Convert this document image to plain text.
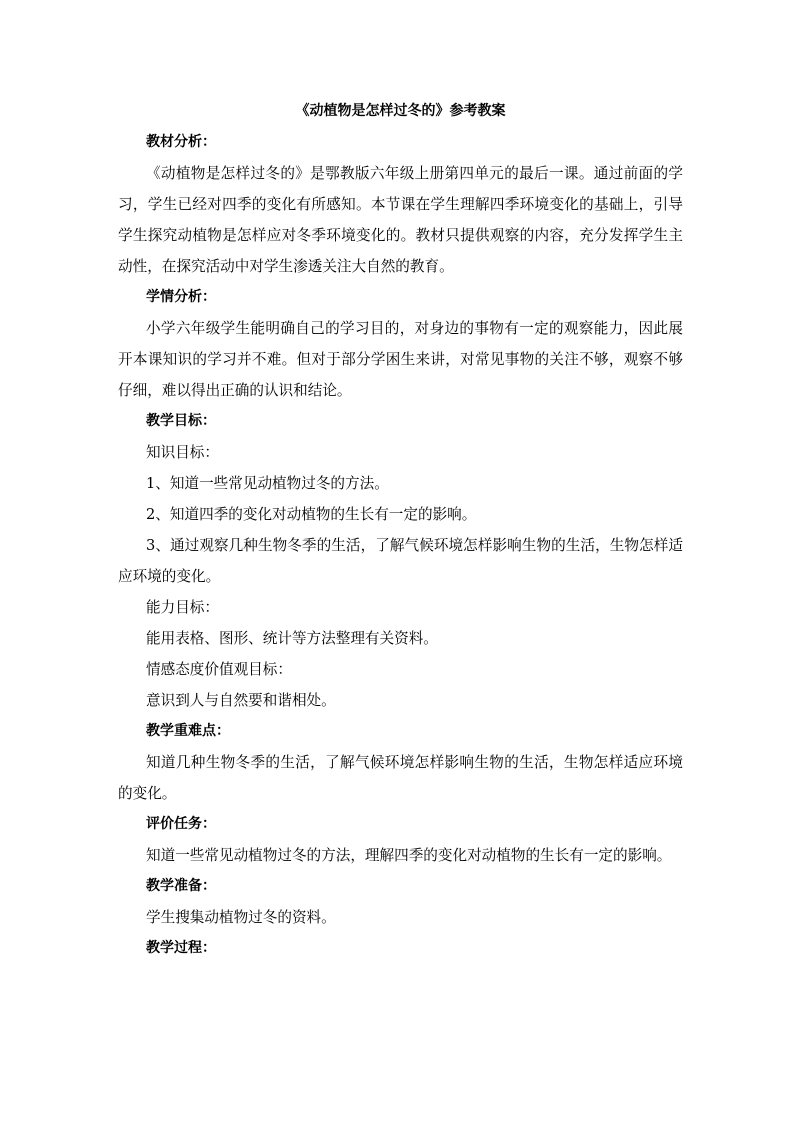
《动植物是怎样过冬的》参考教案

教材分析：

《动植物是怎样过冬的》是鄂教版六年级上册第四单元的最后一课。通过前面的学习，学生已经对四季的变化有所感知。本节课在学生理解四季环境变化的基础上，引导学生探究动植物是怎样应对冬季环境变化的。教材只提供观察的内容，充分发挥学生主动性，在探究活动中对学生渗透关注大自然的教育。

学情分析：

小学六年级学生能明确自己的学习目的，对身边的事物有一定的观察能力，因此展开本课知识的学习并不难。但对于部分学困生来讲，对常见事物的关注不够，观察不够仔细，难以得出正确的认识和结论。

教学目标：

知识目标：

1、知道一些常见动植物过冬的方法。

2、知道四季的变化对动植物的生长有一定的影响。

3、通过观察几种生物冬季的生活，了解气候环境怎样影响生物的生活，生物怎样适应环境的变化。

能力目标：

能用表格、图形、统计等方法整理有关资料。

情感态度价值观目标：

意识到人与自然要和谐相处。

教学重难点：

知道几种生物冬季的生活，了解气候环境怎样影响生物的生活，生物怎样适应环境的变化。

评价任务：

知道一些常见动植物过冬的方法，理解四季的变化对动植物的生长有一定的影响。

教学准备：

学生搜集动植物过冬的资料。

教学过程：
